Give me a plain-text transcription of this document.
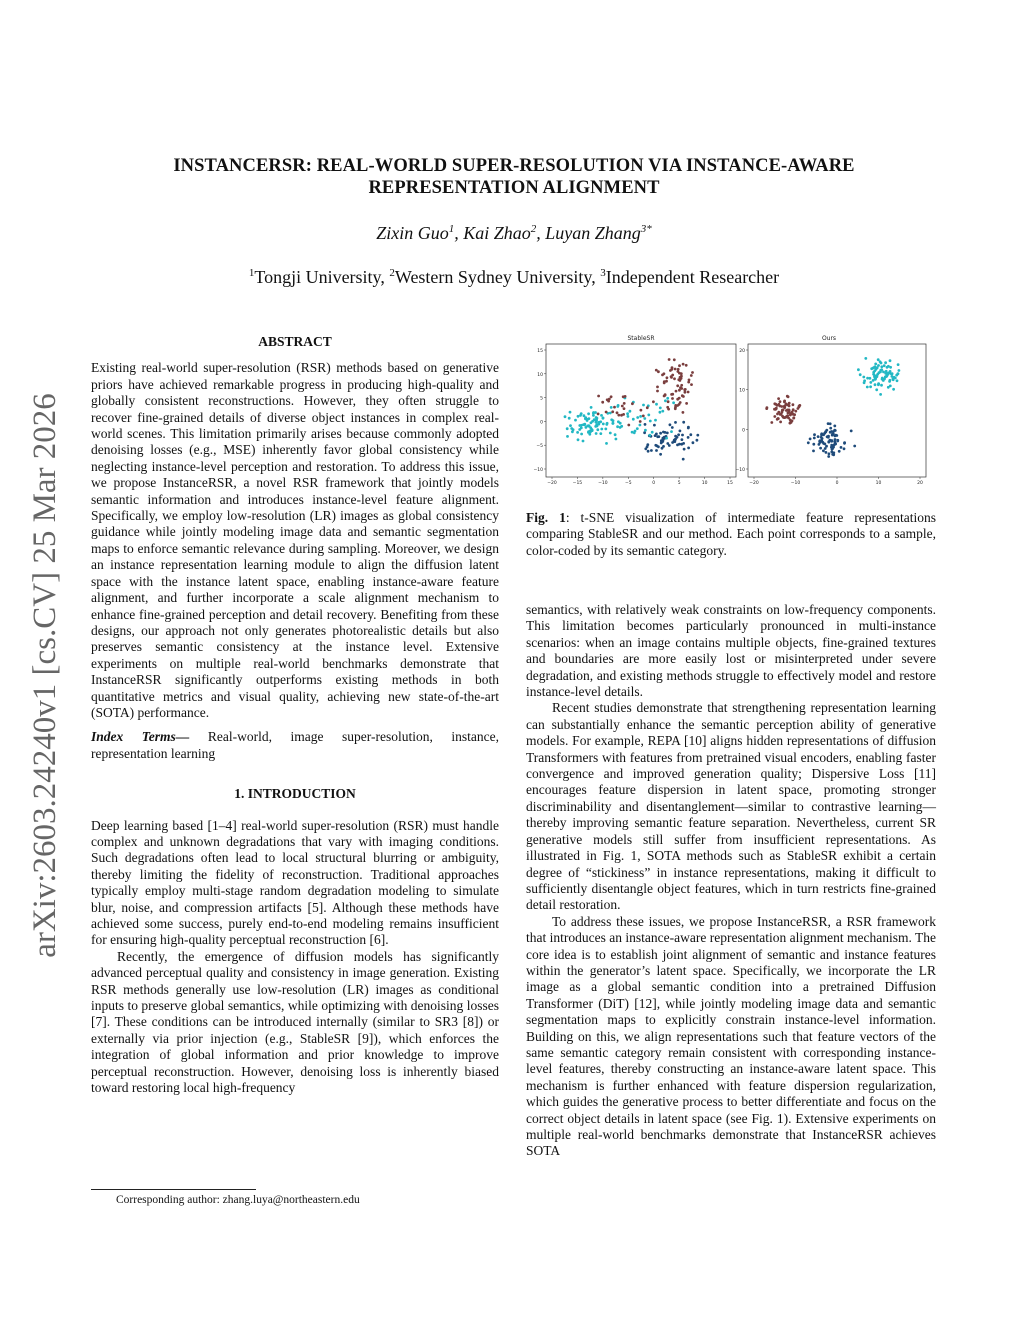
arXiv:2603.24240v1 [cs.CV] 25 Mar 2026
INSTANCERSR: REAL-WORLD SUPER-RESOLUTION VIA INSTANCE-AWARE
REPRESENTATION ALIGNMENT
Zixin Guo$^1$, Kai Zhao$^2$, Luyan Zhang$^{3*}$
$^1$Tongji University, $^2$Western Sydney University, $^3$Independent Researcher

ABSTRACT

Existing real-world super-resolution (RSR) methods based on generative priors have achieved remarkable progress in producing high-quality and globally consistent reconstructions. However, they often struggle to recover fine-grained details of diverse object instances in complex real-world scenes. This limitation primarily arises because commonly adopted denoising losses (e.g., MSE) inherently favor global consistency while neglecting instance-level perception and restoration. To address this issue, we propose InstanceRSR, a novel RSR framework that jointly models semantic information and introduces instance-level feature alignment. Specifically, we employ low-resolution (LR) images as global consistency guidance while jointly modeling image data and semantic segmentation maps to enforce semantic relevance during sampling. Moreover, we design an instance representation learning module to align the diffusion latent space with the instance latent space, enabling instance-aware feature alignment, and further incorporate a scale alignment mechanism to enhance fine-grained perception and detail recovery. Benefiting from these designs, our approach not only generates photorealistic details but also preserves semantic consistency at the instance level. Extensive experiments on multiple real-world benchmarks demonstrate that InstanceRSR significantly outperforms existing methods in both quantitative metrics and visual quality, achieving new state-of-the-art (SOTA) performance.

Index Terms— Real-world, image super-resolution, instance, representation learning

1. INTRODUCTION

Deep learning based [1–4] real-world super-resolution (RSR) must handle complex and unknown degradations that vary with imaging conditions. Such degradations often lead to local structural blurring or ambiguity, thereby limiting the fidelity of reconstruction. Traditional approaches typically employ multi-stage random degradation modeling to simulate blur, noise, and compression artifacts [5]. Although these methods have achieved some success, purely end-to-end modeling remains insufficient for ensuring high-quality perceptual reconstruction [6].

Recently, the emergence of diffusion models has significantly advanced perceptual quality and consistency in image generation. Existing RSR methods generally use low-resolution (LR) images as conditional inputs to preserve global semantics, while optimizing with denoising losses [7]. These conditions can be introduced internally (similar to SR3 [8]) or externally via prior injection (e.g., StableSR [9]), which enforces the integration of global information and prior knowledge to improve perceptual reconstruction. However, denoising loss is inherently biased toward restoring local high-frequency

Corresponding author: zhang.luya@northeastern.edu
StableSR
15
10
5
0
−5
−10
−20	−15	−10	−5	0	5	10	15
Ours
20
10
0
−10
−20	−10	0	10	20
Fig. 1: t-SNE visualization of intermediate feature representations comparing StableSR and our method. Each point corresponds to a sample, color-coded by its semantic category.

semantics, with relatively weak constraints on low-frequency components. This limitation becomes particularly pronounced in multi-instance scenarios: when an image contains multiple objects, fine-grained textures and boundaries are more easily lost or misinterpreted under severe degradation, and existing methods struggle to effectively model and restore instance-level details.

Recent studies demonstrate that strengthening representation learning can substantially enhance the semantic perception ability of generative models. For example, REPA [10] aligns hidden representations of diffusion Transformers with features from pretrained visual encoders, enabling faster convergence and improved generation quality; Dispersive Loss [11] encourages feature dispersion in latent space, promoting stronger discriminability and disentanglement—similar to contrastive learning—thereby improving semantic feature separation. Nevertheless, current SR generative models still suffer from insufficient representations. As illustrated in Fig. 1, SOTA methods such as StableSR exhibit a certain degree of “stickiness” in instance representations, making it difficult to sufficiently disentangle object features, which in turn restricts fine-grained detail restoration.

To address these issues, we propose InstanceRSR, a RSR framework that introduces an instance-aware representation alignment mechanism. The core idea is to establish joint alignment of semantic and instance features within the generator’s latent space. Specifically, we incorporate the LR image as a global semantic condition into a pretrained Diffusion Transformer (DiT) [12], while jointly modeling image data and semantic segmentation maps to explicitly constrain instance-level information. Building on this, we align representations such that feature vectors of the same semantic category remain consistent with corresponding instance-level features, thereby constructing an instance-aware latent space. This mechanism is further enhanced with feature dispersion regularization, which guides the generative process to better differentiate and focus on the correct object details in latent space (see Fig. 1). Extensive experiments on multiple real-world benchmarks demonstrate that InstanceRSR achieves SOTA
